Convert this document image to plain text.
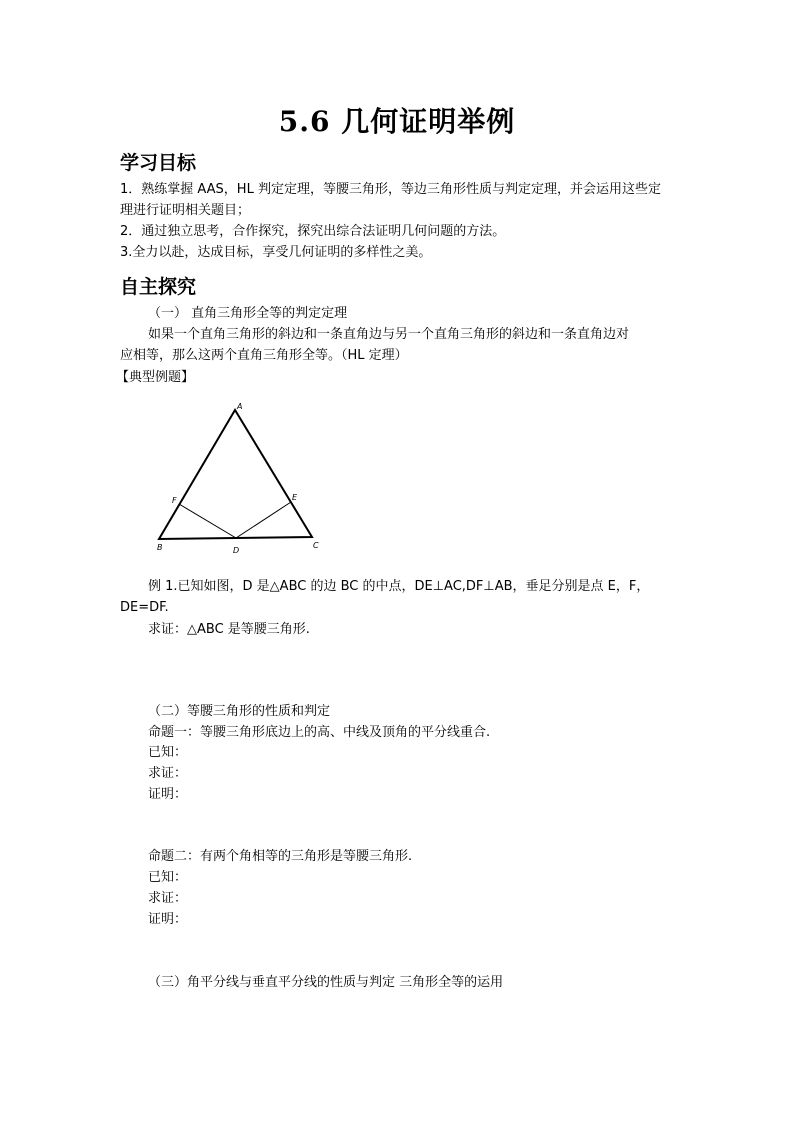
5.6 几何证明举例
学习目标
1．熟练掌握 AAS，HL 判定定理，等腰三角形，等边三角形性质与判定定理，并会运用这些定
理进行证明相关题目；
2．通过独立思考，合作探究，探究出综合法证明几何问题的方法。
3.全力以赴，达成目标，享受几何证明的多样性之美。
自主探究
（一） 直角三角形全等的判定定理
如果一个直角三角形的斜边和一条直角边与另一个直角三角形的斜边和一条直角边对
应相等，那么这两个直角三角形全等。（HL 定理）
【典型例题】
A
B	C
D
E
F
例 1.已知如图，D 是△ABC 的边 BC 的中点，DE⊥AC,DF⊥AB，垂足分别是点 E，F，
DE=DF.
求证：△ABC 是等腰三角形.
（二）等腰三角形的性质和判定
命题一：等腰三角形底边上的高、中线及顶角的平分线重合.
已知：
求证：
证明：
命题二：有两个角相等的三角形是等腰三角形.
已知：
求证：
证明：
（三）角平分线与垂直平分线的性质与判定 三角形全等的运用
